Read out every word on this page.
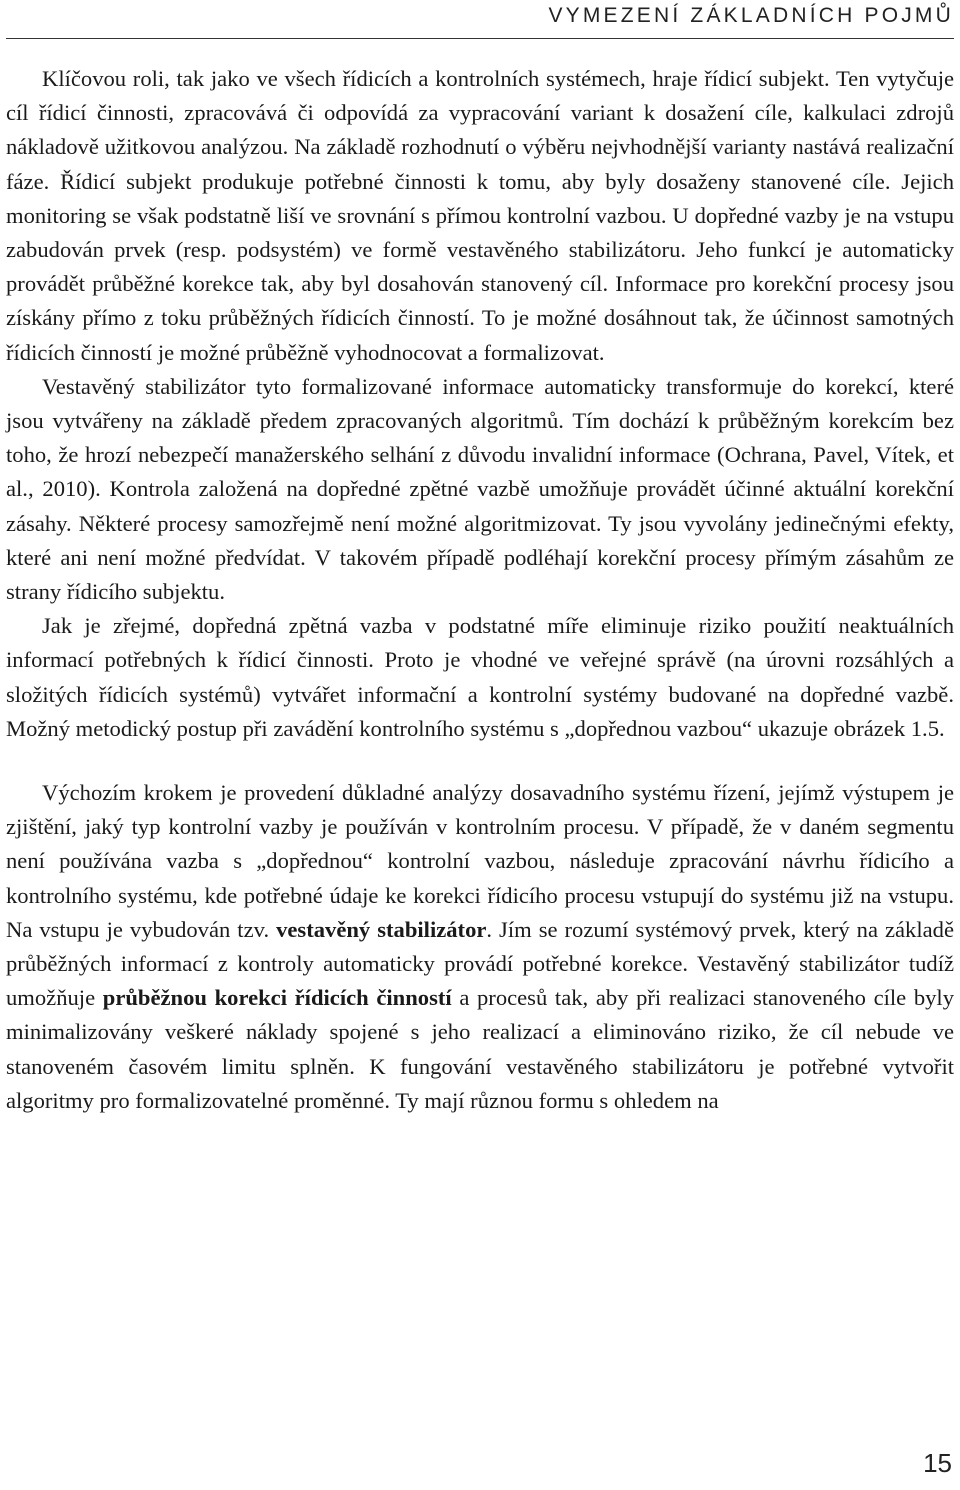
VYMEZENÍ ZÁKLADNÍCH POJMŮ

Klíčovou roli, tak jako ve všech řídicích a kontrolních systémech, hraje řídicí subjekt. Ten vytyčuje cíl řídicí činnosti, zpracovává či odpovídá za vypracování variant k dosažení cíle, kalkulaci zdrojů nákladově užitkovou analýzou. Na základě rozhodnutí o výběru nejvhodnější varianty nastává realizační fáze. Řídicí subjekt produkuje potřebné činnosti k tomu, aby byly dosaženy stanovené cíle. Jejich monitoring se však podstatně liší ve srovnání s přímou kontrolní vazbou. U dopředné vazby je na vstupu zabudován prvek (resp. podsystém) ve formě vestavěného stabilizátoru. Jeho funkcí je automaticky provádět průběžné korekce tak, aby byl dosahován stanovený cíl. Informace pro korekční procesy jsou získány přímo z toku průběžných řídicích činností. To je možné dosáhnout tak, že účinnost samotných řídicích činností je možné průběžně vyhodnocovat a formalizovat.

Vestavěný stabilizátor tyto formalizované informace automaticky transformuje do korekcí, které jsou vytvářeny na základě předem zpracovaných algoritmů. Tím dochází k průběžným korekcím bez toho, že hrozí nebezpečí manažerského selhání z důvodu invalidní informace (Ochrana, Pavel, Vítek, et al., 2010). Kontrola založená na dopředné zpětné vazbě umožňuje provádět účinné aktuální korekční zásahy. Některé procesy samozřejmě není možné algoritmizovat. Ty jsou vyvolány jedinečnými efekty, které ani není možné předvídat. V takovém případě podléhají korekční procesy přímým zásahům ze strany řídicího subjektu.

Jak je zřejmé, dopředná zpětná vazba v podstatné míře eliminuje riziko použití neaktuálních informací potřebných k řídicí činnosti. Proto je vhodné ve veřejné správě (na úrovni rozsáhlých a složitých řídicích systémů) vytvářet informační a kontrolní systémy budované na dopředné vazbě. Možný metodický postup při zavádění kontrolního systému s „dopřednou vazbou“ ukazuje obrázek 1.5.

Výchozím krokem je provedení důkladné analýzy dosavadního systému řízení, jejímž výstupem je zjištění, jaký typ kontrolní vazby je používán v kontrolním procesu. V případě, že v daném segmentu není používána vazba s „dopřednou“ kontrolní vazbou, následuje zpracování návrhu řídicího a kontrolního systému, kde potřebné údaje ke korekci řídicího procesu vstupují do systému již na vstupu. Na vstupu je vybudován tzv. vestavěný stabilizátor. Jím se rozumí systémový prvek, který na základě průběžných informací z kontroly automaticky provádí potřebné korekce. Vestavěný stabilizátor tudíž umožňuje průběžnou korekci řídicích činností a procesů tak, aby při realizaci stanoveného cíle byly minimalizovány veškeré náklady spojené s jeho realizací a eliminováno riziko, že cíl nebude ve stanoveném časovém limitu splněn. K fungování vestavěného stabilizátoru je potřebné vytvořit algoritmy pro formalizovatelné proměnné. Ty mají různou formu s ohledem na

15
